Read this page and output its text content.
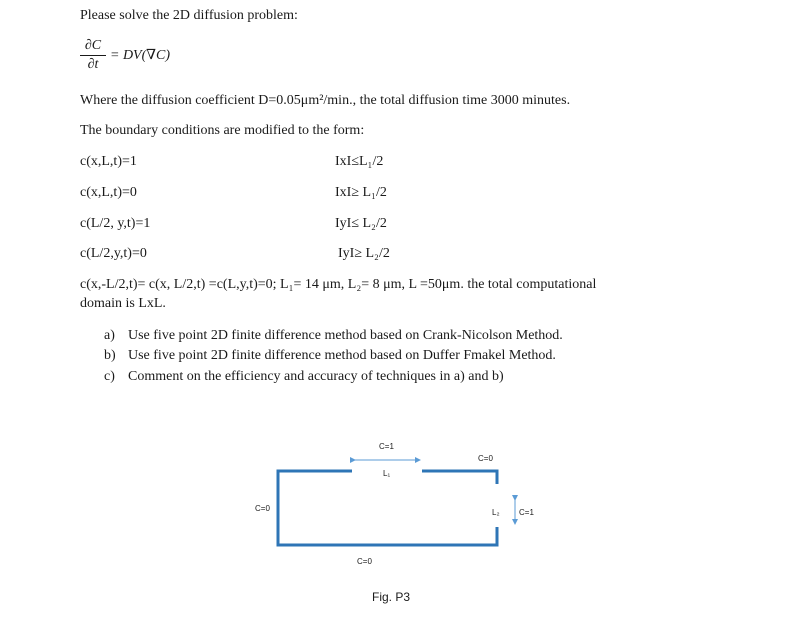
Please solve the 2D diffusion problem:
∂C
∂t
= DV(∇C)
Where the diffusion coefficient D=0.05μm²/min., the total diffusion time 3000 minutes.
The boundary conditions are modified to the form:
c(x,L,t)=1	IxI≤L₁/2
c(x,L,t)=0	IxI≥ L₁/2
c(L/2, y,t)=1	IyI≤ L₂/2
c(L/2,y,t)=0	IyI≥ L₂/2
c(x,-L/2,t)= c(x, L/2,t) =c(L,y,t)=0; L₁= 14 μm, L₂= 8 μm, L =50μm. the total computational
domain is LxL.
a) Use five point 2D finite difference method based on Crank-Nicolson Method.
b) Use five point 2D finite difference method based on Duffer Fmakel Method.
c) Comment on the efficiency and accuracy of techniques in a) and b)
C=1
L₁
C=0
C=0	L₂ C=1
C=0
Fig. P3
